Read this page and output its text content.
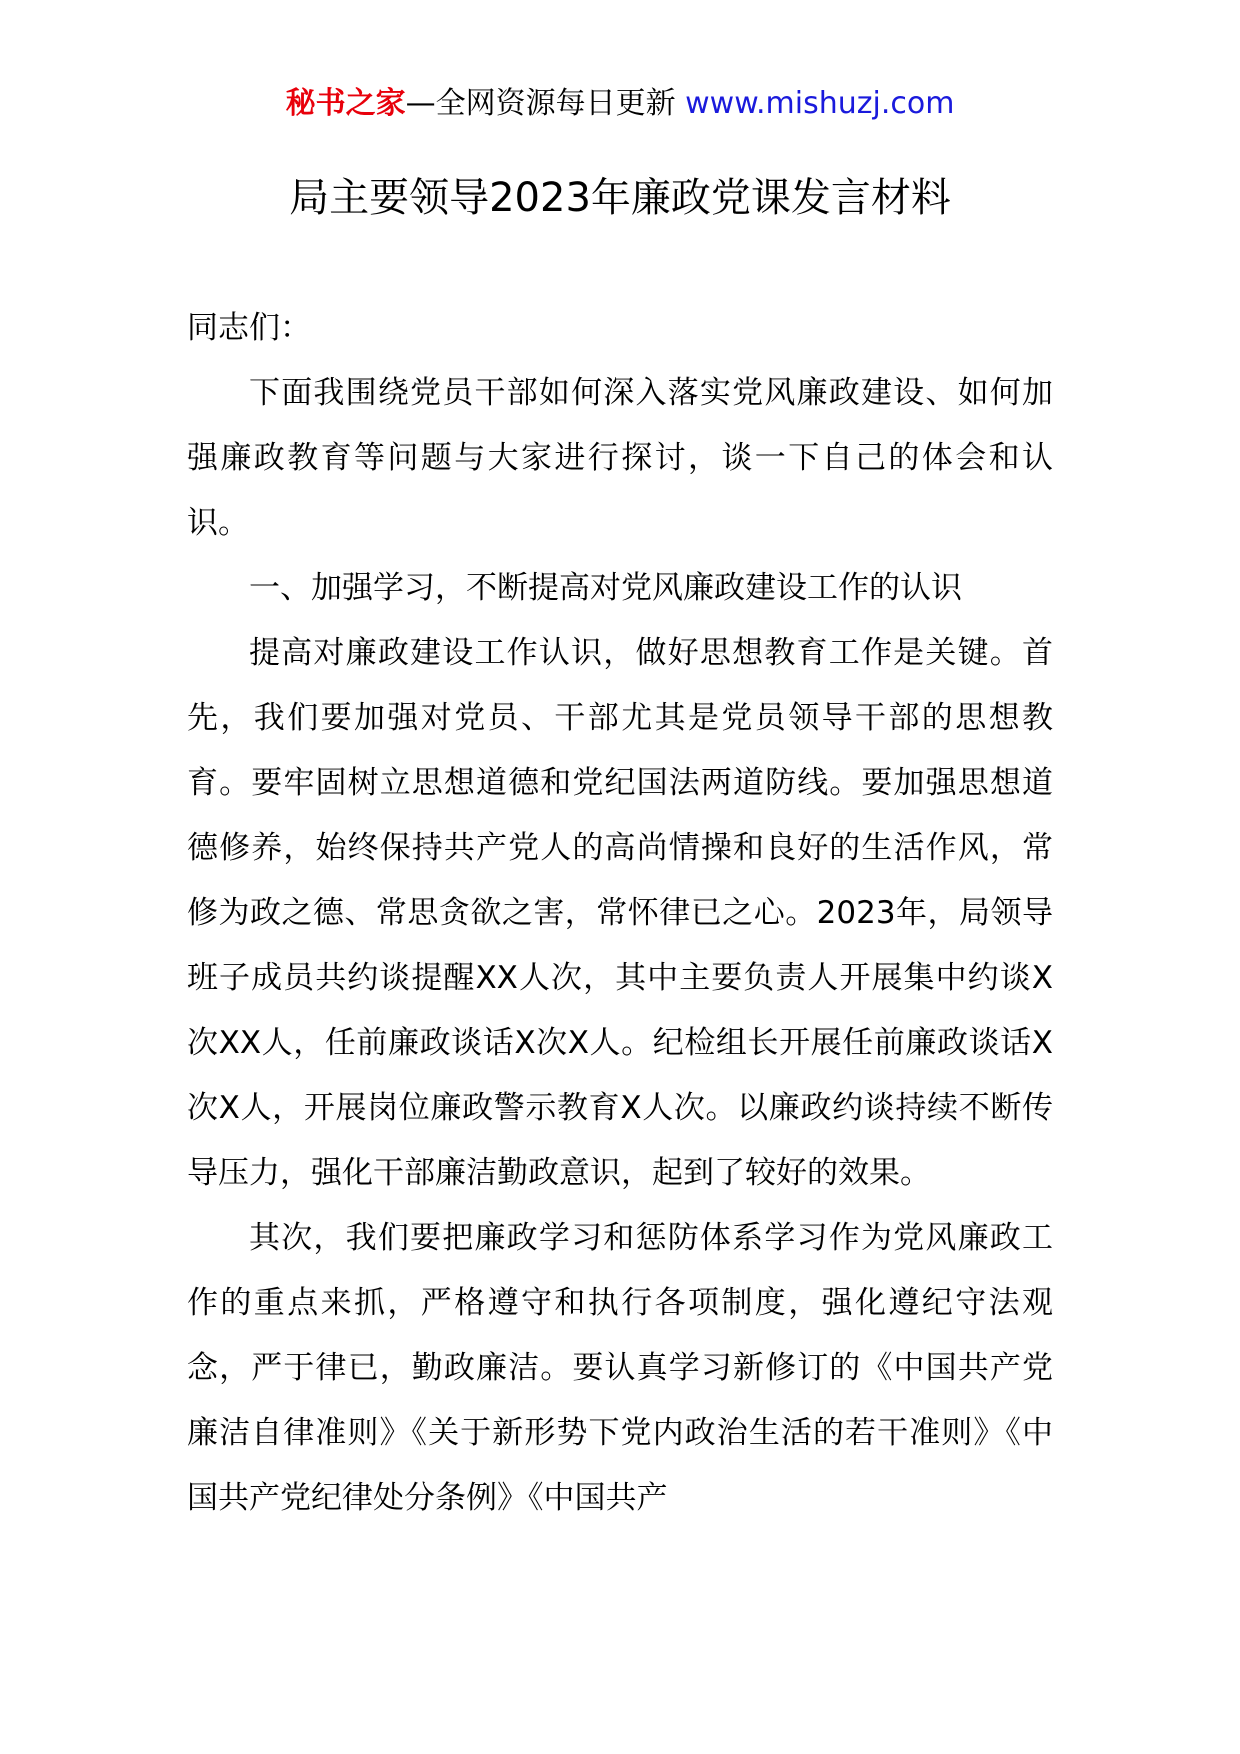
秘书之家—全网资源每日更新 www.mishuzj.com
局主要领导2023年廉政党课发言材料

同志们：

下面我围绕党员干部如何深入落实党风廉政建设、如何加强廉政教育等问题与大家进行探讨，谈一下自己的体会和认识。

一、加强学习，不断提高对党风廉政建设工作的认识

提高对廉政建设工作认识，做好思想教育工作是关键。首先，我们要加强对党员、干部尤其是党员领导干部的思想教育。要牢固树立思想道德和党纪国法两道防线。要加强思想道德修养，始终保持共产党人的高尚情操和良好的生活作风，常修为政之德、常思贪欲之害，常怀律已之心。2023年，局领导班子成员共约谈提醒XX人次，其中主要负责人开展集中约谈X次XX人，任前廉政谈话X次X人。纪检组长开展任前廉政谈话X次X人，开展岗位廉政警示教育X人次。以廉政约谈持续不断传导压力，强化干部廉洁勤政意识，起到了较好的效果。

其次，我们要把廉政学习和惩防体系学习作为党风廉政工作的重点来抓，严格遵守和执行各项制度，强化遵纪守法观念，严于律已，勤政廉洁。要认真学习新修订的《中国共产党廉洁自律准则》《关于新形势下党内政治生活的若干准则》《中国共产党纪律处分条例》《中国共产
